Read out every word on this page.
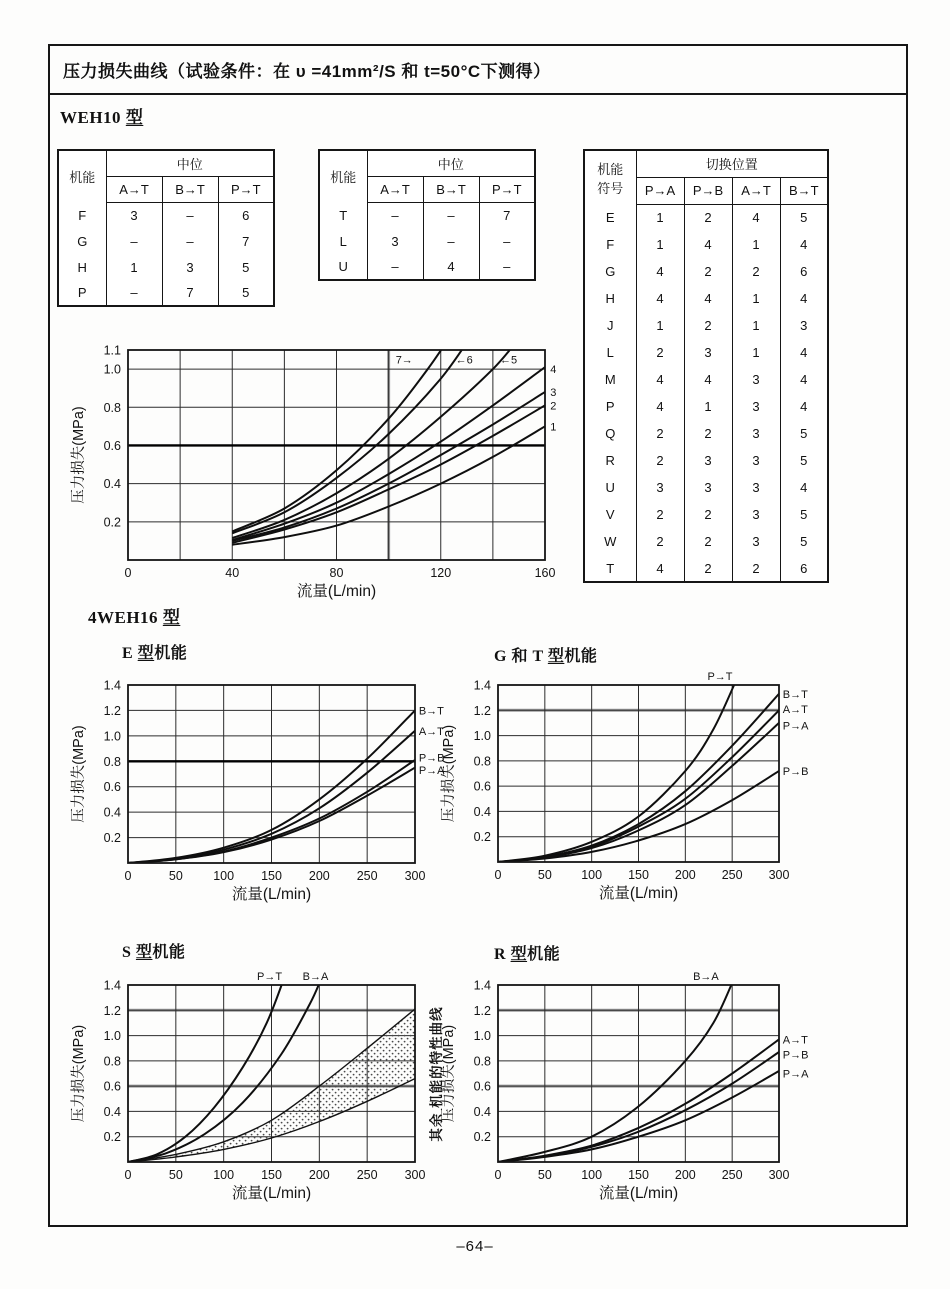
压力损失曲线（试验条件：在 υ =41mm²/S 和 t=50°C下测得）
WEH10 型
机能	中位		
	A→T	B→T	P→T
F	3	–	6
G	–	–	7
H	1	3	5
P	–	7	5
机能	中位		
	A→T	B→T	P→T
T	–	–	7
L	3	–	–
U	–	4	–
机能
符号	切换位置			
	P→A	P→B	A→T	B→T
E	1	2	4	5
F	1	4	1	4
G	4	2	2	6
H	4	4	1	4
J	1	2	1	3
L	2	3	1	4
M	4	4	3	4
P	4	1	3	4
Q	2	2	3	5
R	2	3	3	5
U	3	3	3	4
V	2	2	3	5
W	2	2	3	5
T	4	2	2	6
0	40	80	120	160
1.1
1.0
0.8
0.6
0.4
0.2
7→	←6 ←5
4
3
2
1
流量(L/min)
压力损失(MPa)
4WEH16 型
E 型机能	G 和 T 型机能
S 型机能	R 型机能
0	50 100 150 200 250 300
1.4
1.2
1.0
0.8
0.6
0.4
0.2
B→T
A→T
P→B
P→A
流量(L/min)
压力损失(MPa)
0	50 100 150 200 250 300
1.4
1.2
1.0
0.8
0.6
0.4
0.2
P→T
B→T
A→T
P→A
P→B
流量(L/min)
压力损失(MPa)
0	50 100 150 200 250 300
1.4
1.2
1.0
0.8
0.6
0.4
0.2
P→T B→A
流量(L/min)
压力损失(MPa)
0	50 100 150 200 250 300
1.4
1.2
1.0
0.8
0.6
0.4
0.2
B→A
A→T
P→B
P→A
流量(L/min)
压力损失(MPa)
其余 机能的特性曲线
–64–
